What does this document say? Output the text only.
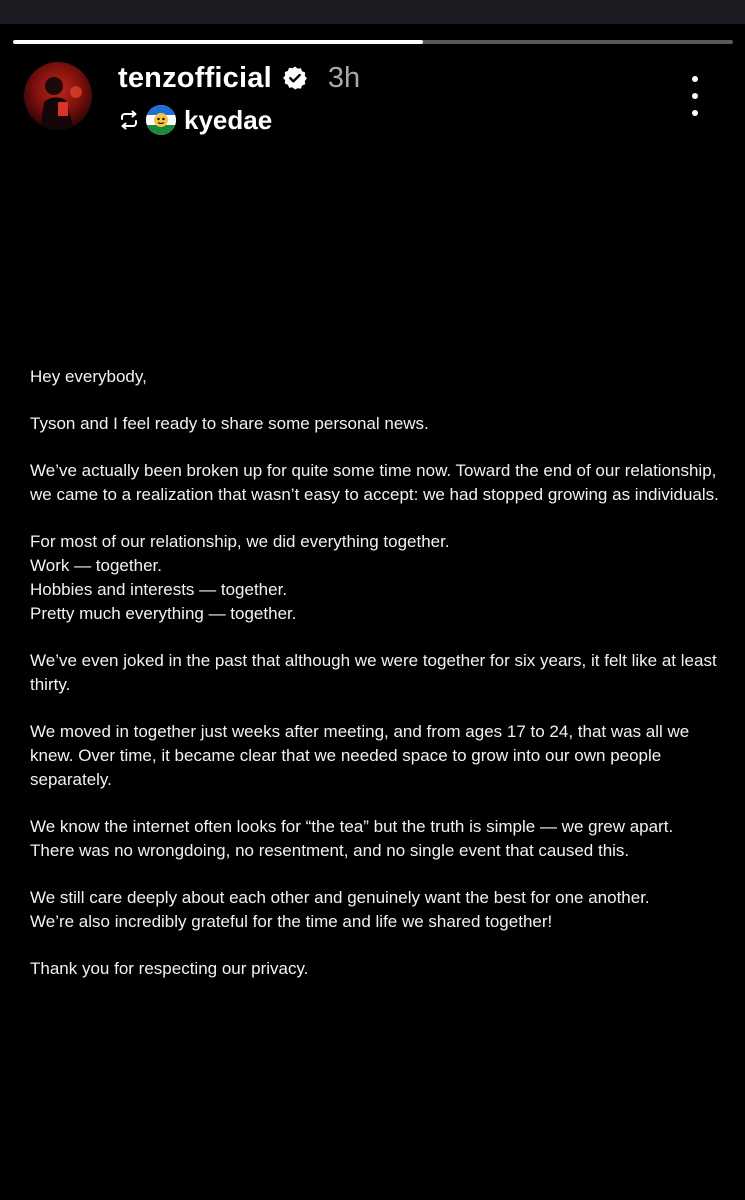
tenzofficial 3h
kyedae

Hey everybody,

Tyson and I feel ready to share some personal news.

We’ve actually been broken up for quite some time now. Toward the end of our relationship, we came to a realization that wasn’t easy to accept: we had stopped growing as individuals.

For most of our relationship, we did everything together.
Work — together.
Hobbies and interests — together.
Pretty much everything — together.

We’ve even joked in the past that although we were together for six years, it felt like at least thirty.

We moved in together just weeks after meeting, and from ages 17 to 24, that was all we knew. Over time, it became clear that we needed space to grow into our own people separately.

We know the internet often looks for “the tea” but the truth is simple — we grew apart.
There was no wrongdoing, no resentment, and no single event that caused this.

We still care deeply about each other and genuinely want the best for one another.
We’re also incredibly grateful for the time and life we shared together!

Thank you for respecting our privacy.
